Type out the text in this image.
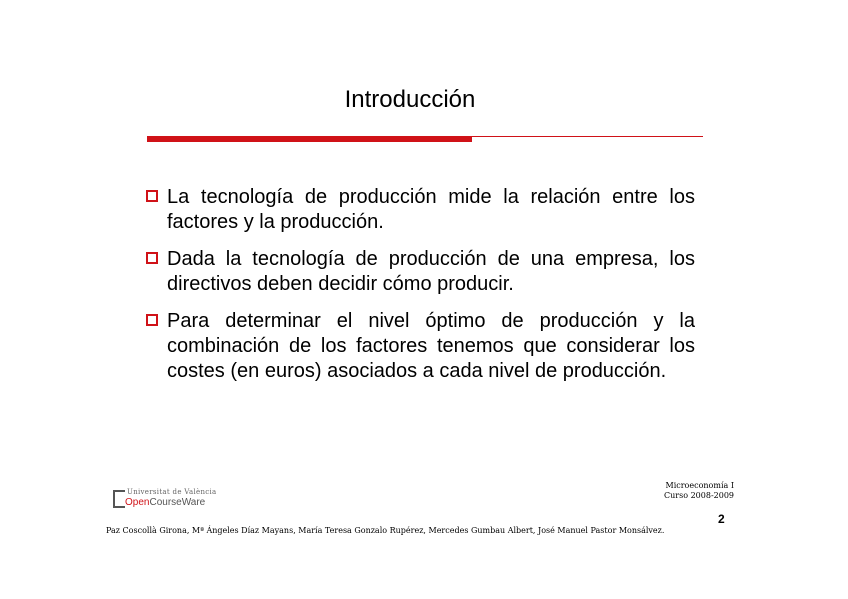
Introducción
La tecnología de producción mide la relación entre los factores y la producción.
Dada la tecnología de producción de una empresa, los directivos deben decidir cómo producir.
Para determinar el nivel óptimo de producción y la combinación de los factores tenemos que considerar los costes (en euros) asociados a cada nivel de producción.
Universitat de València
OpenCourseWare
Microeconomía I
Curso 2008-2009
2
Paz Coscollà Girona, Mª Ángeles Díaz Mayans, María Teresa Gonzalo Rupérez, Mercedes Gumbau Albert, José Manuel Pastor Monsálvez.
